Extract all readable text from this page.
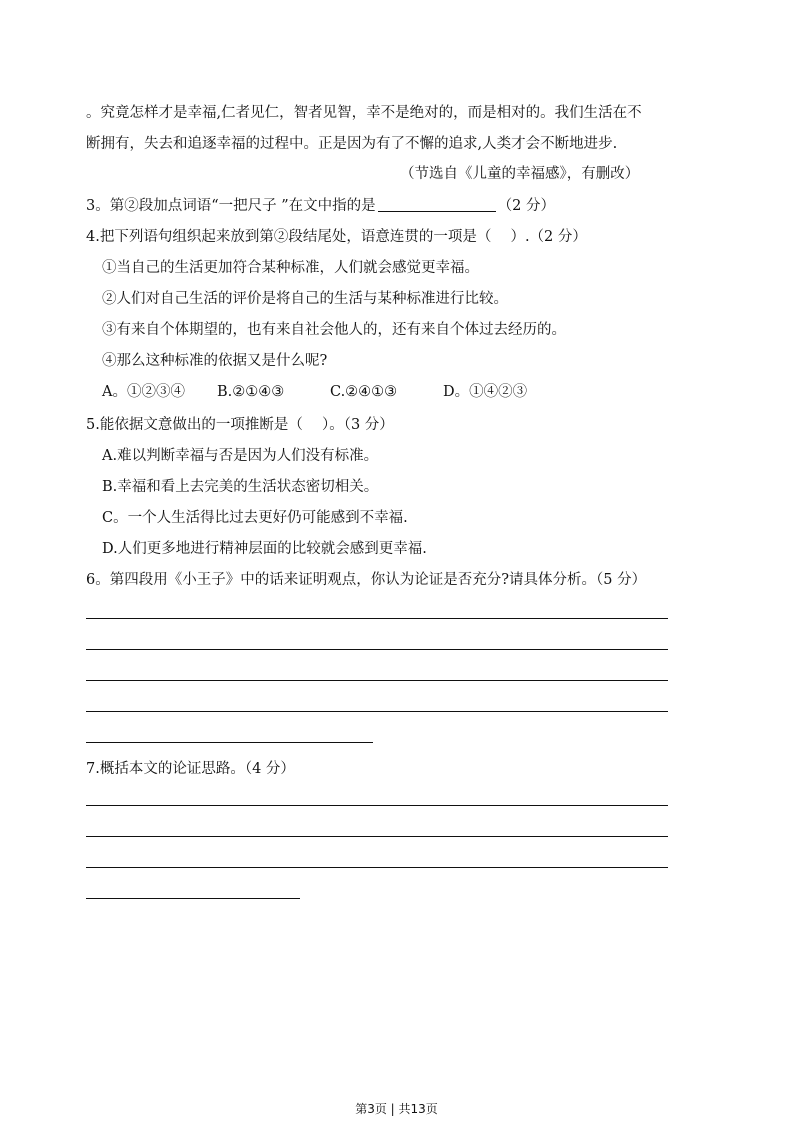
。究竟怎样才是幸福,仁者见仁，智者见智，幸不是绝对的，而是相对的。我们生活在不
断拥有，失去和追逐幸福的过程中。正是因为有了不懈的追求,人类才会不断地进步.
（节选自《儿童的幸福感》，有删改）
3。第②段加点词语“一把尺子 ”在文中指的是	（2 分）
4.把下列语句组织起来放到第②段结尾处，语意连贯的一项是（　 ）.（2 分）
①当自己的生活更加符合某种标准，人们就会感觉更幸福。
②人们对自己生活的评价是将自己的生活与某种标准进行比较。
③有来自个体期望的，也有来自社会他人的，还有来自个体过去经历的。
④那么这种标准的依据又是什么呢?
A。①②③④ B.②①④③	C.②④①③	D。①④②③
5.能依据文意做出的一项推断是（　 ）。（3 分）
A.难以判断幸福与否是因为人们没有标准。
B.幸福和看上去完美的生活状态密切相关。
C。一个人生活得比过去更好仍可能感到不幸福.
D.人们更多地进行精神层面的比较就会感到更幸福.
6。第四段用《小王子》中的话来证明观点，你认为论证是否充分?请具体分析。（5 分）
7.概括本文的论证思路。（4 分）
第3页 | 共13页
